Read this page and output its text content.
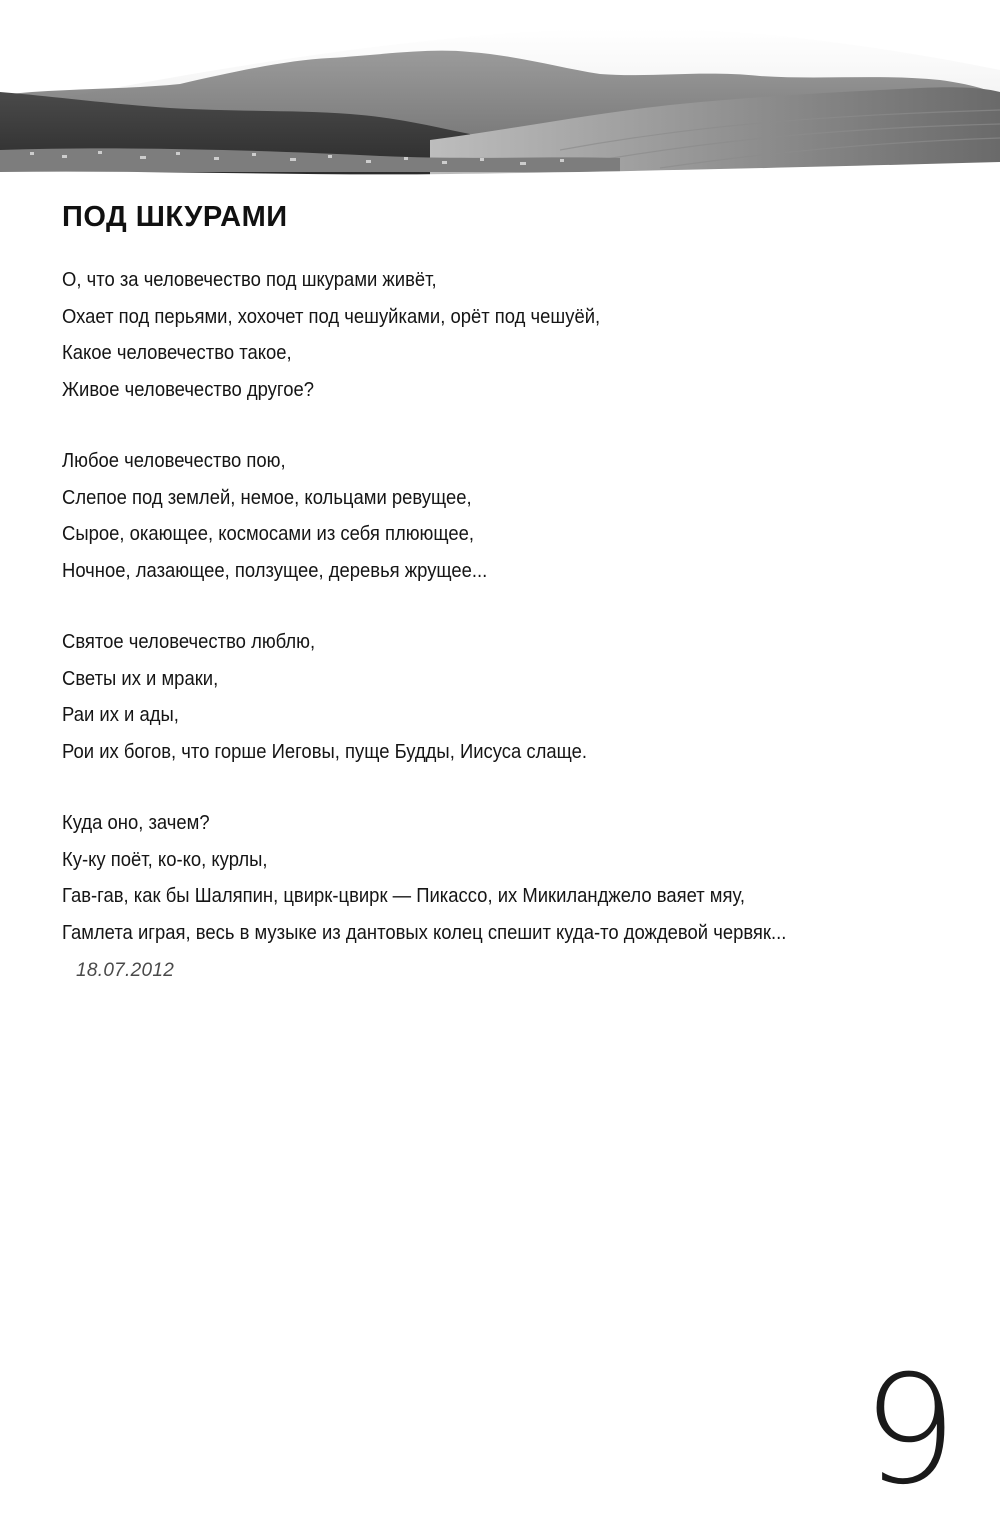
ПОД ШКУРАМИ
О, что за человечество под шкурами живёт,
Охает под перьями, хохочет под чешуйками, орёт под чешуёй,
Какое человечество такое,
Живое человечество другое?
Любое человечество пою,
Слепое под землей, немое, кольцами ревущее,
Сырое, окающее, космосами из себя плюющее,
Ночное, лазающее, ползущее, деревья жрущее...
Святое человечество люблю,
Светы их и мраки,
Раи их и ады,
Рои их богов, что горше Иеговы, пуще Будды, Иисуса слаще.
Куда оно, зачем?
Ку-ку поёт, ко-ко, курлы,
Гав-гав, как бы Шаляпин, цвирк-цвирк — Пикассо, их Микиланджело ваяет мяу,
Гамлета играя, весь в музыке из дантовых колец спешит куда-то дождевой червяк...
18.07.2012
9
